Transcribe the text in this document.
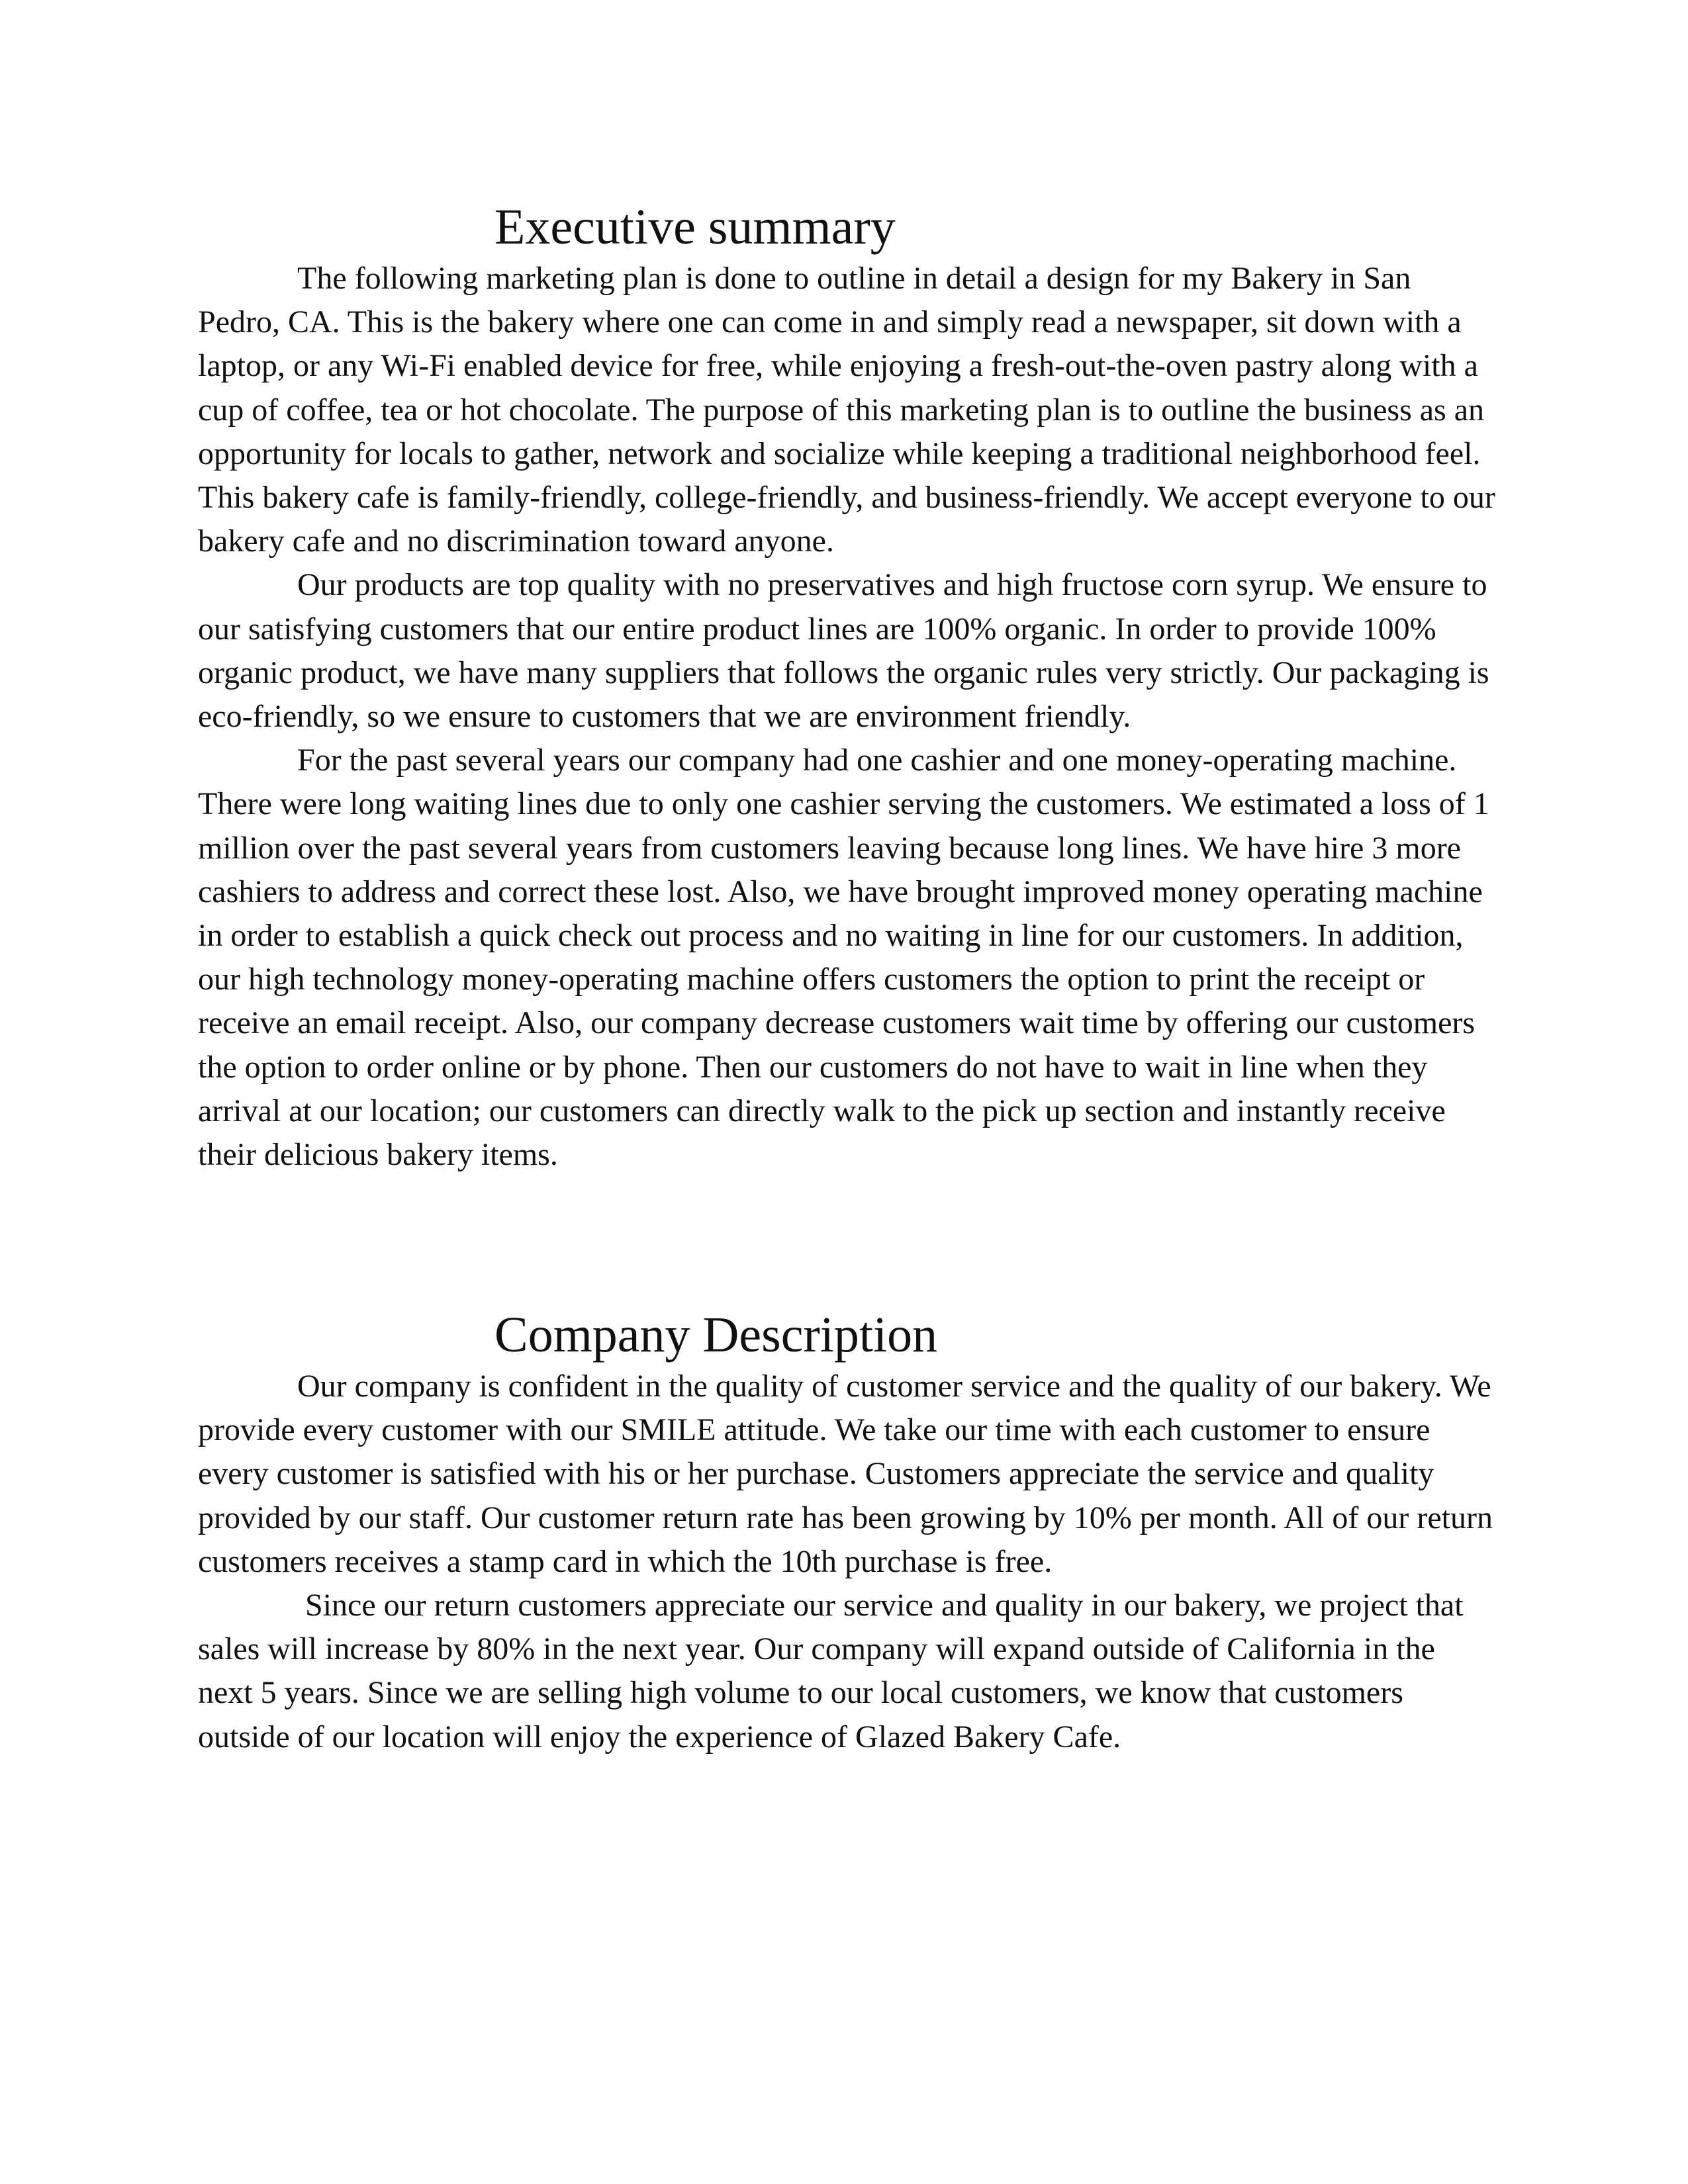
Executive summary

The following marketing plan is done to outline in detail a design for my Bakery in San Pedro, CA. This is the bakery where one can come in and simply read a newspaper, sit down with a laptop, or any Wi-Fi enabled device for free, while enjoying a fresh-out-the-oven pastry along with a cup of coffee, tea or hot chocolate. The purpose of this marketing plan is to outline the business as an opportunity for locals to gather, network and socialize while keeping a traditional neighborhood feel. This bakery cafe is family-friendly, college-friendly, and business-friendly. We accept everyone to our bakery cafe and no discrimination toward anyone.

Our products are top quality with no preservatives and high fructose corn syrup. We ensure to our satisfying customers that our entire product lines are 100% organic. In order to provide 100% organic product, we have many suppliers that follows the organic rules very strictly. Our packaging is eco-friendly, so we ensure to customers that we are environment friendly.

For the past several years our company had one cashier and one money-operating machine. There were long waiting lines due to only one cashier serving the customers. We estimated a loss of 1 million over the past several years from customers leaving because long lines. We have hire 3 more cashiers to address and correct these lost. Also, we have brought improved money operating machine in order to establish a quick check out process and no waiting in line for our customers. In addition, our high technology money-operating machine offers customers the option to print the receipt or receive an email receipt. Also, our company decrease customers wait time by offering our customers the option to order online or by phone. Then our customers do not have to wait in line when they arrival at our location; our customers can directly walk to the pick up section and instantly receive their delicious bakery items.

Company Description

Our company is confident in the quality of customer service and the quality of our bakery. We provide every customer with our SMILE attitude. We take our time with each customer to ensure every customer is satisfied with his or her purchase. Customers appreciate the service and quality provided by our staff. Our customer return rate has been growing by 10% per month. All of our return customers receives a stamp card in which the 10th purchase is free.

Since our return customers appreciate our service and quality in our bakery, we project that sales will increase by 80% in the next year. Our company will expand outside of California in the next 5 years. Since we are selling high volume to our local customers, we know that customers outside of our location will enjoy the experience of Glazed Bakery Cafe.
